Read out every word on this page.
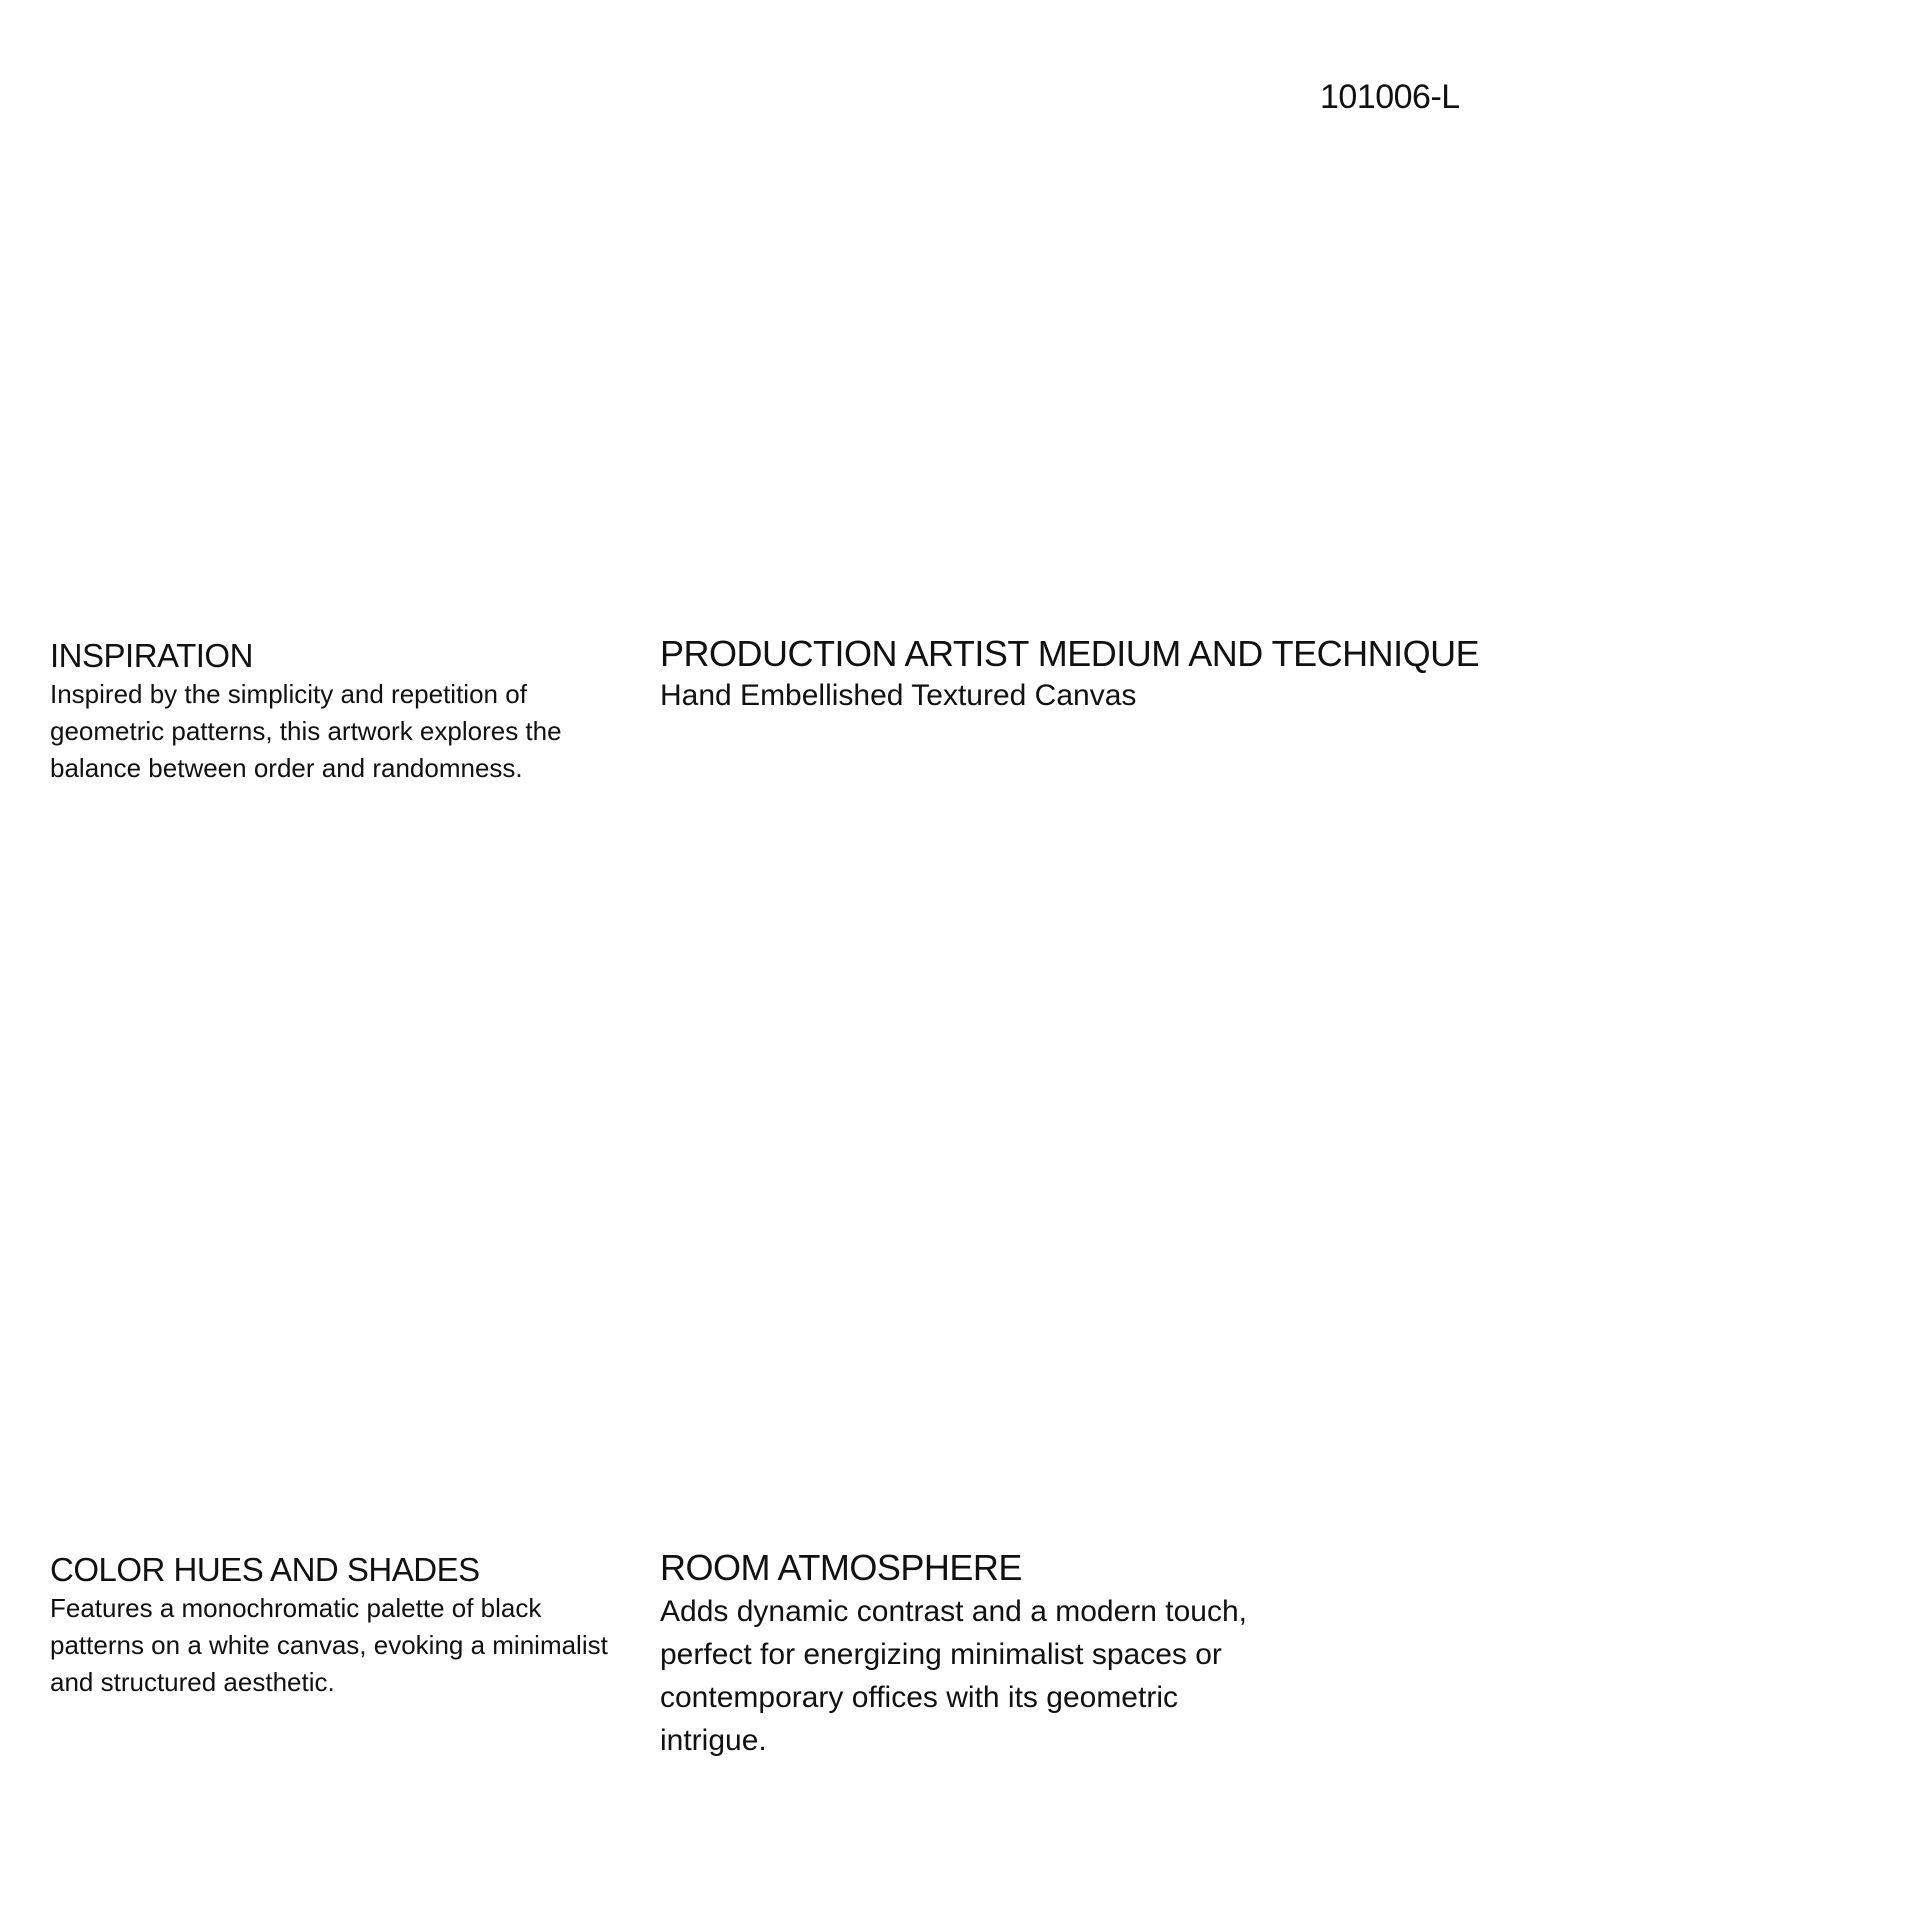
101006-L
INSPIRATION

Inspired by the simplicity and repetition of geometric patterns, this artwork explores the balance between order and randomness.

PRODUCTION ARTIST MEDIUM AND TECHNIQUE

Hand Embellished Textured Canvas

COLOR HUES AND SHADES

Features a monochromatic palette of black patterns on a white canvas, evoking a minimalist and structured aesthetic.

ROOM ATMOSPHERE

Adds dynamic contrast and a modern touch, perfect for energizing minimalist spaces or contemporary offices with its geometric intrigue.
